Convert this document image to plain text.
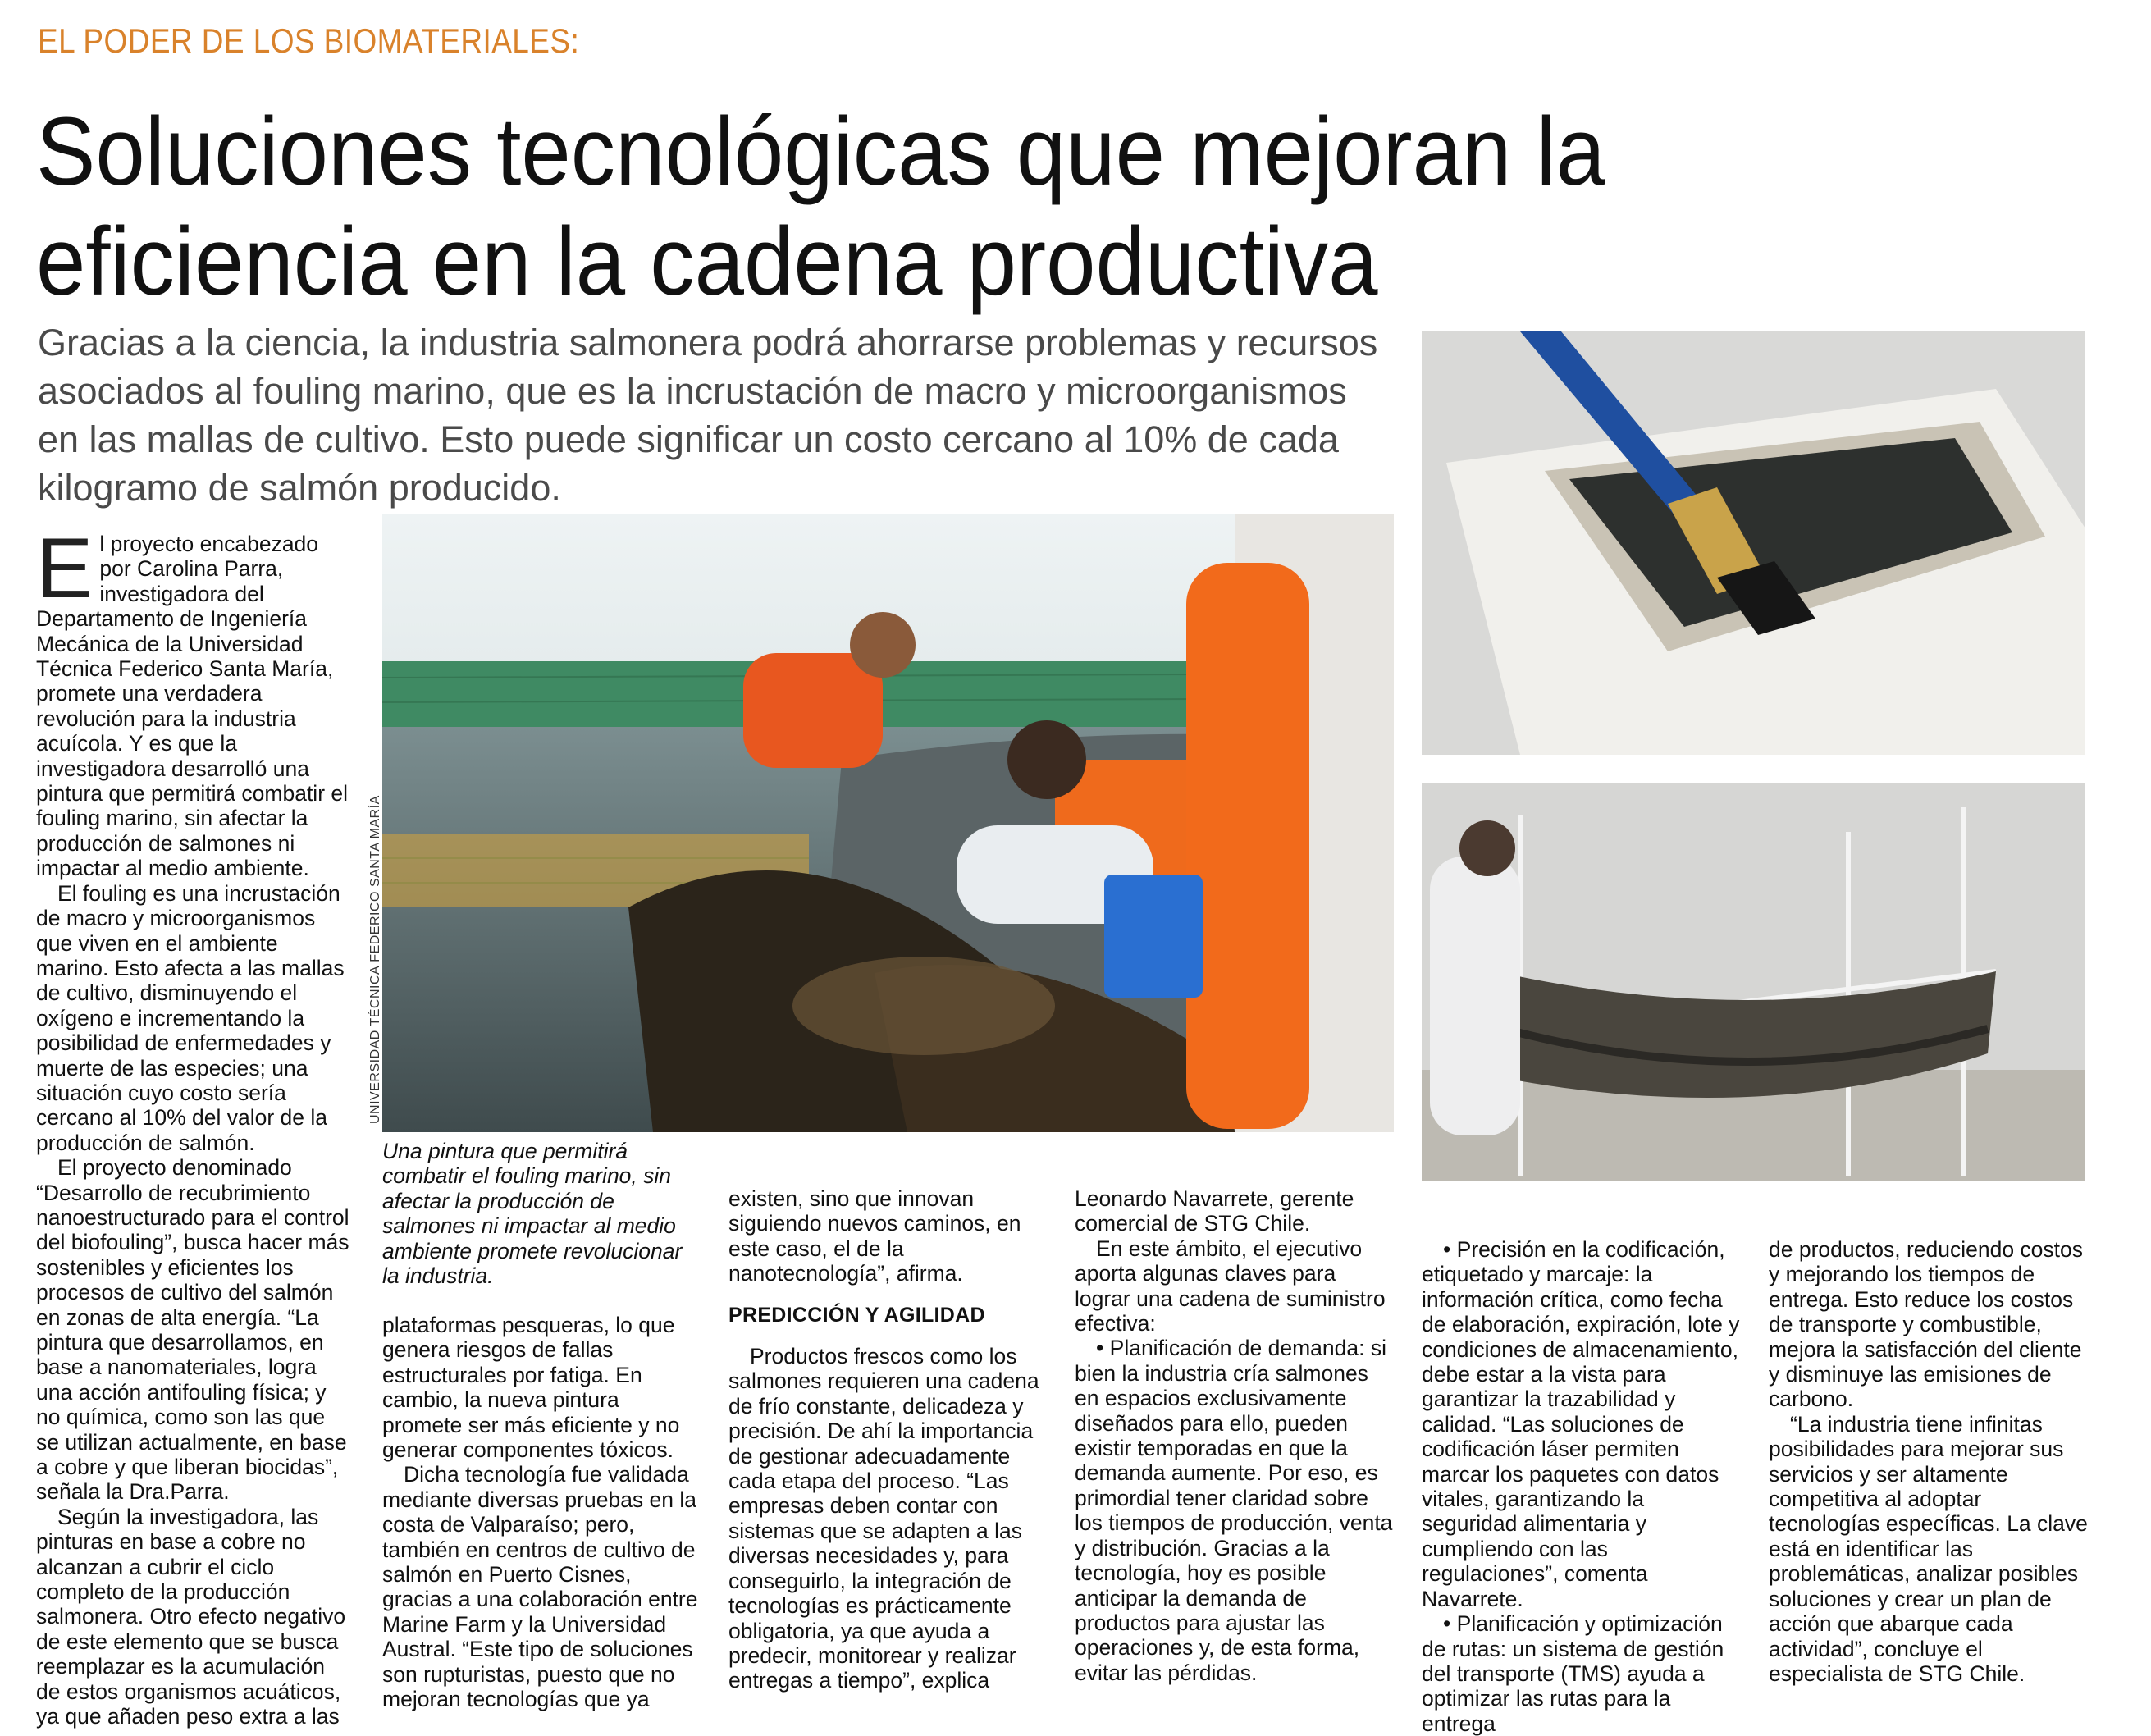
EL PODER DE LOS BIOMATERIALES:
Soluciones tecnológicas que mejoran la
eficiencia en la cadena productiva
Gracias a la ciencia, la industria salmonera podrá ahorrarse problemas y recursos
asociados al fouling marino, que es la incrustación de macro y microorganismos
en las mallas de cultivo. Esto puede significar un costo cercano al 10% de cada
kilogramo de salmón producido.
UNIVERSIDAD TÉCNICA FEDERICO SANTA MARÍA
E l proyecto encabezado por Carolina Parra, investigadora del Departamento de Ingeniería Mecánica de la Universidad Técnica Federico Santa María, promete una verdadera revolución para la industria acuícola. Y es que la investigadora desarrolló una pintura que permitirá combatir el fouling marino, sin afectar la producción de salmones ni impactar al medio ambiente.

El fouling es una incrustación de macro y microorganismos que viven en el ambiente marino. Esto afecta a las mallas de cultivo, disminuyendo el oxígeno e incrementando la posibilidad de enfermedades y muerte de las especies; una situación cuyo costo sería cercano al 10% del valor de la producción de salmón.

El proyecto denominado “Desarrollo de recubrimiento nanoestructurado para el control del biofouling”, busca hacer más sostenibles y eficientes los procesos de cultivo del salmón en zonas de alta energía. “La pintura que desarrollamos, en base a nanomateriales, logra una acción antifouling física; y no química, como son las que se utilizan actualmente, en base a cobre y que liberan biocidas”, señala la Dra.Parra.

Según la investigadora, las pinturas en base a cobre no alcanzan a cubrir el ciclo completo de la producción salmonera. Otro efecto negativo de este elemento que se busca reemplazar es la acumulación de estos organismos acuáticos, ya que añaden peso extra a las

Una pintura que permitirá combatir el fouling marino, sin afectar la producción de salmones ni impactar al medio ambiente promete revolucionar la industria.

plataformas pesqueras, lo que genera riesgos de fallas estructurales por fatiga. En cambio, la nueva pintura promete ser más eficiente y no generar componentes tóxicos.

Dicha tecnología fue validada mediante diversas pruebas en la costa de Valparaíso; pero, también en centros de cultivo de salmón en Puerto Cisnes, gracias a una colaboración entre Marine Farm y la Universidad Austral. “Este tipo de soluciones son rupturistas, puesto que no mejoran tecnologías que ya

existen, sino que innovan siguiendo nuevos caminos, en este caso, el de la nanotecnología”, afirma.

PREDICCIÓN Y AGILIDAD

Productos frescos como los salmones requieren una cadena de frío constante, delicadeza y precisión. De ahí la importancia de gestionar adecuadamente cada etapa del proceso. “Las empresas deben contar con sistemas que se adapten a las diversas necesidades y, para conseguirlo, la integración de tecnologías es prácticamente obligatoria, ya que ayuda a predecir, monitorear y realizar entregas a tiempo”, explica

Leonardo Navarrete, gerente comercial de STG Chile.

En este ámbito, el ejecutivo aporta algunas claves para lograr una cadena de suministro efectiva:

• Planificación de demanda: si bien la industria cría salmones en espacios exclusivamente diseñados para ello, pueden existir temporadas en que la demanda aumente. Por eso, es primordial tener claridad sobre los tiempos de producción, venta y distribución. Gracias a la tecnología, hoy es posible anticipar la demanda de productos para ajustar las operaciones y, de esta forma, evitar las pérdidas.

• Precisión en la codificación, etiquetado y marcaje: la información crítica, como fecha de elaboración, expiración, lote y condiciones de almacenamiento, debe estar a la vista para garantizar la trazabilidad y calidad. “Las soluciones de codificación láser permiten marcar los paquetes con datos vitales, garantizando la seguridad alimentaria y cumpliendo con las regulaciones”, comenta Navarrete.

• Planificación y optimización de rutas: un sistema de gestión del transporte (TMS) ayuda a optimizar las rutas para la entrega

de productos, reduciendo costos y mejorando los tiempos de entrega. Esto reduce los costos de transporte y combustible, mejora la satisfacción del cliente y disminuye las emisiones de carbono.

“La industria tiene infinitas posibilidades para mejorar sus servicios y ser altamente competitiva al adoptar tecnologías específicas. La clave está en identificar las problemáticas, analizar posibles soluciones y crear un plan de acción que abarque cada actividad”, concluye el especialista de STG Chile.
